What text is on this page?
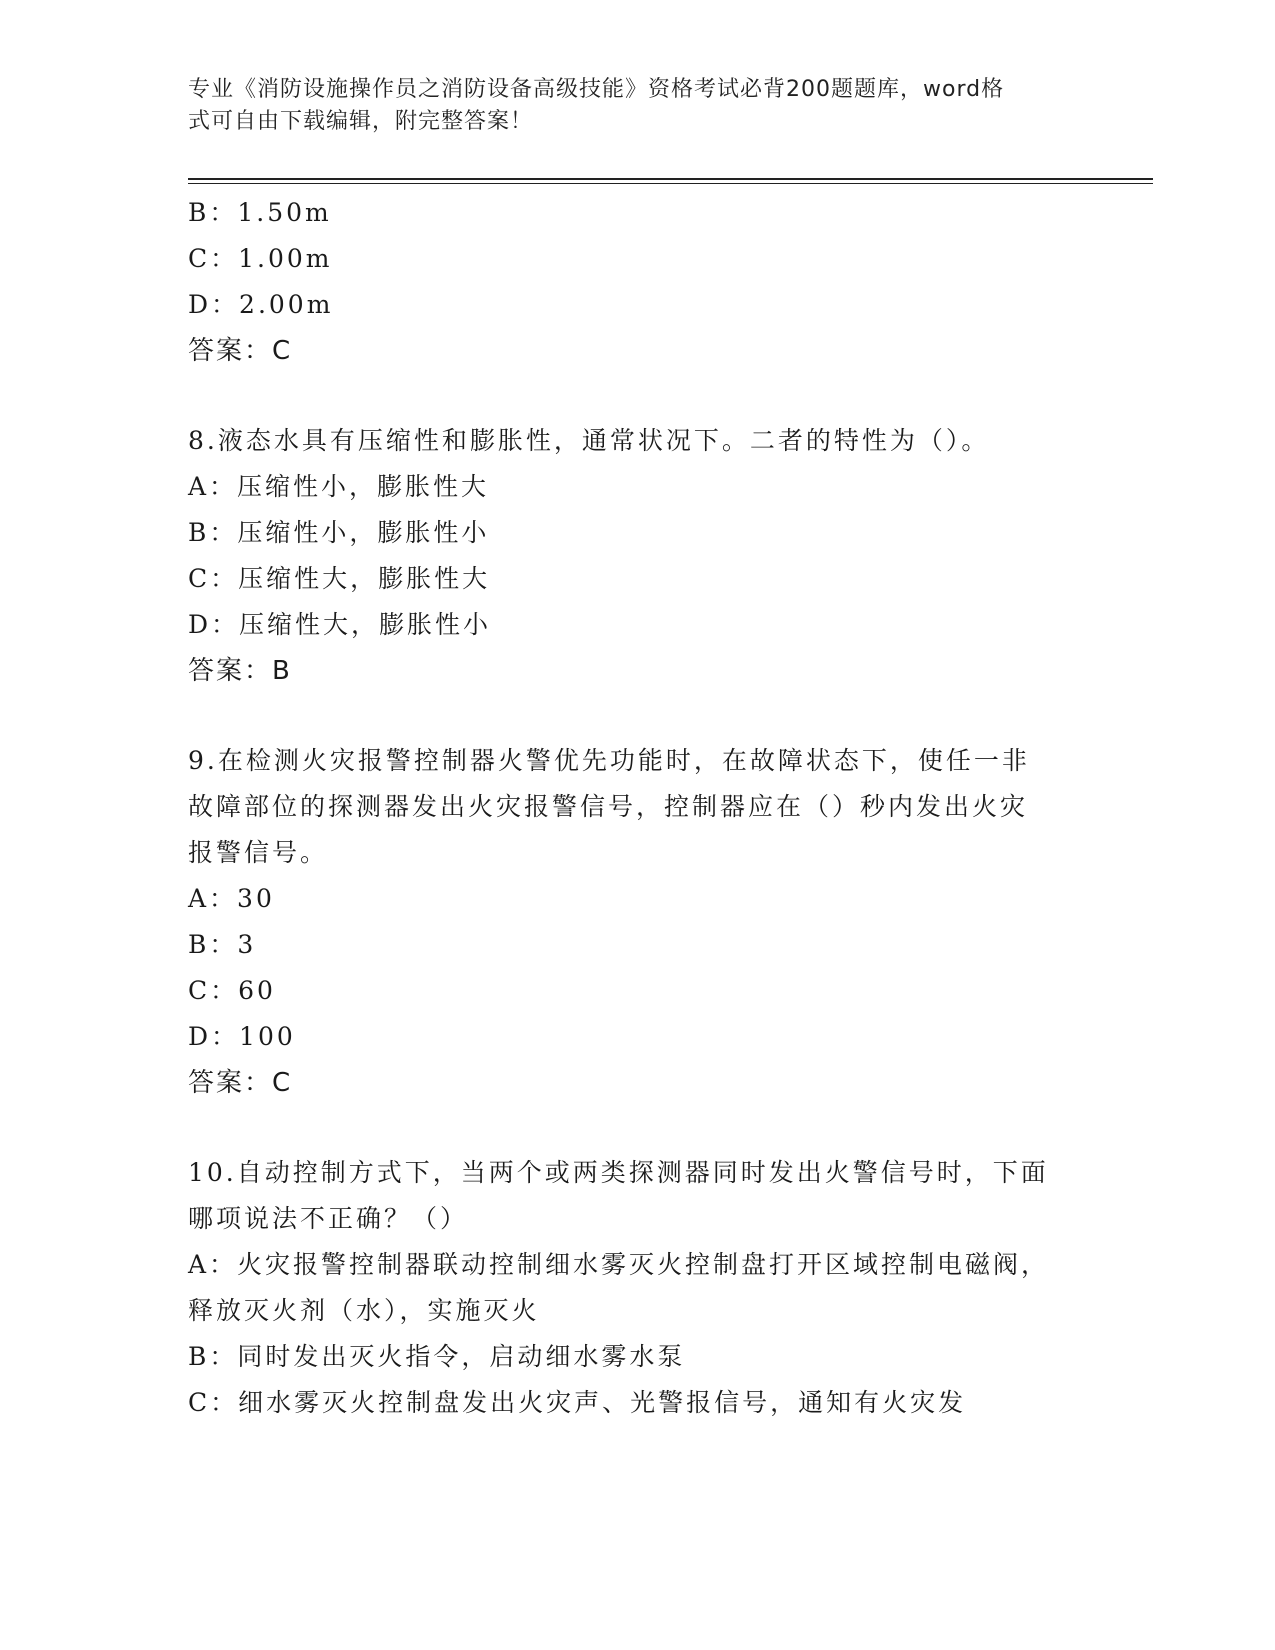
专业《消防设施操作员之消防设备高级技能》资格考试必背200题题库，word格
式可自由下载编辑，附完整答案！
B：1.50m
C：1.00m
D：2.00m
答案：C
8.液态水具有压缩性和膨胀性，通常状况下。二者的特性为（）。
A：压缩性小，膨胀性大
B：压缩性小，膨胀性小
C：压缩性大，膨胀性大
D：压缩性大，膨胀性小
答案：B
9.在检测火灾报警控制器火警优先功能时，在故障状态下，使任一非
故障部位的探测器发出火灾报警信号，控制器应在（）秒内发出火灾
报警信号。
A：30
B：3
C：60
D：100
答案：C
10.自动控制方式下，当两个或两类探测器同时发出火警信号时，下面
哪项说法不正确？（）
A：火灾报警控制器联动控制细水雾灭火控制盘打开区域控制电磁阀，
释放灭火剂（水），实施灭火
B：同时发出灭火指令，启动细水雾水泵
C：细水雾灭火控制盘发出火灾声、光警报信号，通知有火灾发
